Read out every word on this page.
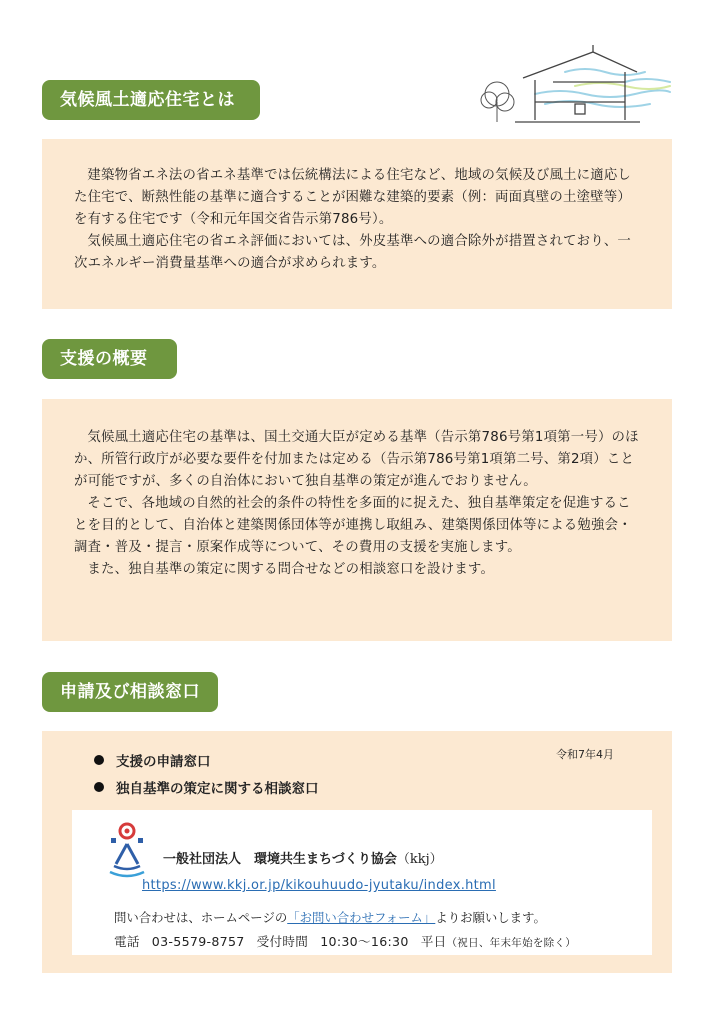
気候風土適応住宅とは

建築物省エネ法の省エネ基準では伝統構法による住宅など、地域の気候及び風土に適応した住宅で、断熱性能の基準に適合することが困難な建築的要素（例：両面真壁の土塗壁等）を有する住宅です（令和元年国交省告示第786号）。

気候風土適応住宅の省エネ評価においては、外皮基準への適合除外が措置されており、一次エネルギー消費量基準への適合が求められます。

支援の概要

気候風土適応住宅の基準は、国土交通大臣が定める基準（告示第786号第1項第一号）のほか、所管行政庁が必要な要件を付加または定める（告示第786号第1項第二号、第2項）ことが可能ですが、多くの自治体において独自基準の策定が進んでおりません。

そこで、各地域の自然的社会的条件の特性を多面的に捉えた、独自基準策定を促進することを目的として、自治体と建築関係団体等が連携し取組み、建築関係団体等による勉強会・調査・普及・提言・原案作成等について、その費用の支援を実施します。

また、独自基準の策定に関する問合せなどの相談窓口を設けます。

申請及び相談窓口
支援の申請窓口
独自基準の策定に関する相談窓口
令和7年4月
一般社団法人　環境共生まちづくり協会（kkj）
https://www.kkj.or.jp/kikouhuudo-jyutaku/index.html
問い合わせは、ホームページの「お問い合わせフォーム」よりお願いします。
電話 03-5579-8757 受付時間 10:30～16:30 平日（祝日、年末年始を除く）
